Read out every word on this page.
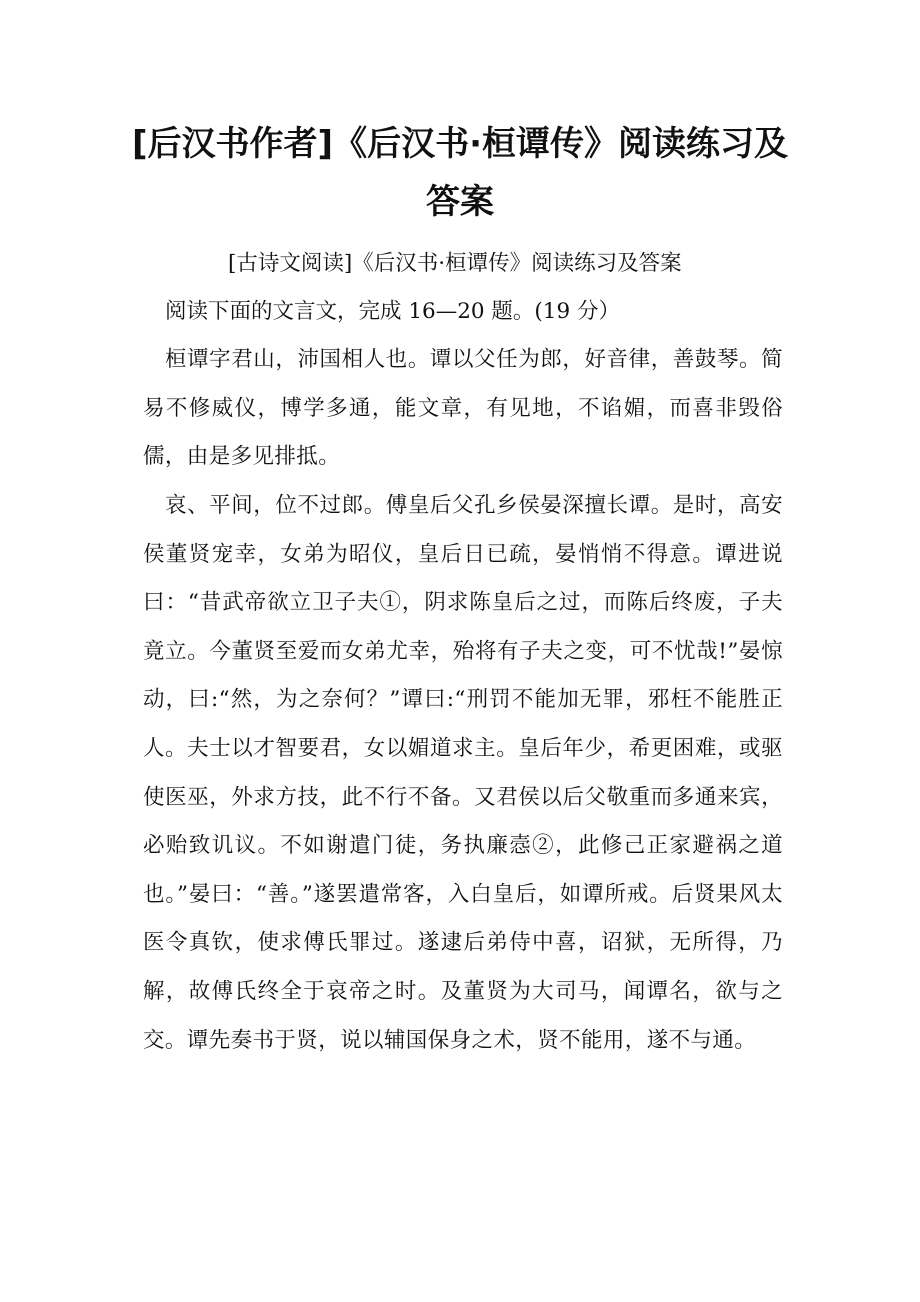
[后汉书作者]《后汉书·桓谭传》阅读练习及答案

[古诗文阅读]《后汉书·桓谭传》阅读练习及答案

阅读下面的文言文，完成 16—20 题。(19 分）

桓谭字君山，沛国相人也。谭以父任为郎，好音律，善鼓琴。简易不修威仪，博学多通，能文章，有见地，不谄媚，而喜非毁俗儒，由是多见排抵。

哀、平间，位不过郎。傅皇后父孔乡侯晏深擅长谭。是时，高安侯董贤宠幸，女弟为昭仪，皇后日已疏，晏悄悄不得意。谭进说曰：“昔武帝欲立卫子夫①，阴求陈皇后之过，而陈后终废，子夫竟立。今董贤至爱而女弟尤幸，殆将有子夫之变，可不忧哉!”晏惊动，曰:“然，为之奈何？”谭曰:“刑罚不能加无罪，邪枉不能胜正人。夫士以才智要君，女以媚道求主。皇后年少，希更困难，或驱使医巫，外求方技，此不行不备。又君侯以后父敬重而多通来宾，必贻致讥议。不如谢遣门徒，务执廉悫②，此修己正家避祸之道也。”晏曰：“善。”遂罢遣常客，入白皇后，如谭所戒。后贤果风太医令真钦，使求傅氏罪过。遂逮后弟侍中喜，诏狱，无所得，乃解，故傅氏终全于哀帝之时。及董贤为大司马，闻谭名，欲与之交。谭先奏书于贤，说以辅国保身之术，贤不能用，遂不与通。
